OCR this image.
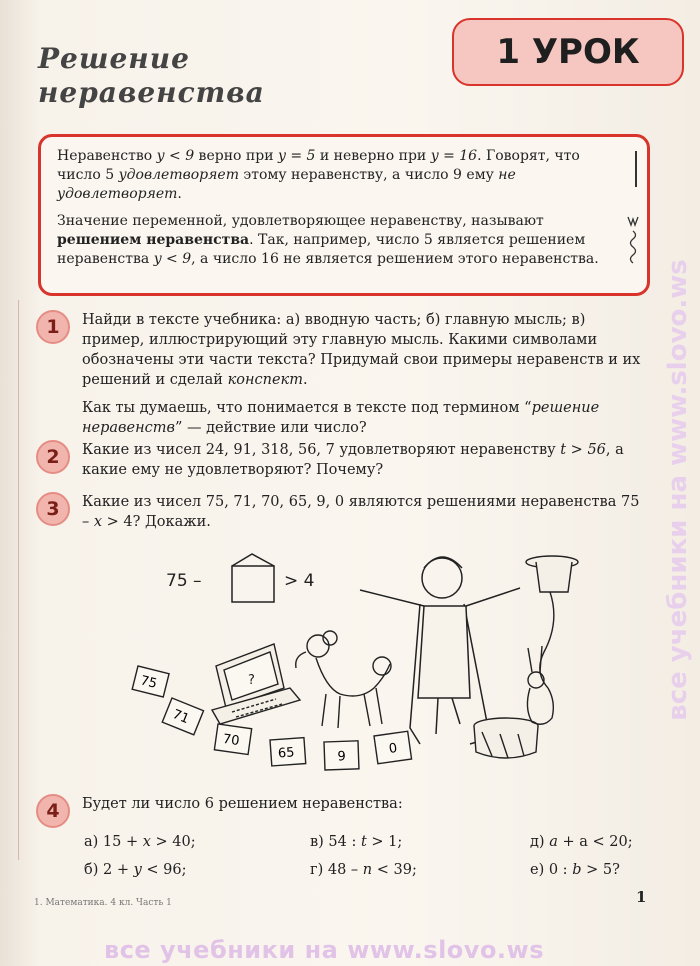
Решение
неравенства
1 УРОК

Неравенство y < 9 верно при y = 5 и неверно при y = 16. Говорят, что число 5 удовлетворяет этому неравенству, а число 9 ему не удовлетворяет.

Значение переменной, удовлетворяющее неравенству, называют решением неравенства. Так, например, число 5 является решением неравенства y < 9, а число 16 не является решением этого неравенства.

1	Найди в тексте учебника: а) вводную часть; б) главную мысль; в) пример, иллюстрирующий эту главную мысль. Какими символами обозначены эти части текста? Придумай свои примеры неравенств и их решений и сделай конспект.

Как ты думаешь, что понимается в тексте под термином “решение неравенств” — действие или число?

2	Какие из чисел 24, 91, 318, 56, 7 удовлетворяют неравенству t > 56, а какие ему не удовлетворяют? Почему?

3	Какие из чисел 75, 71, 70, 65, 9, 0 являются решениями неравенства 75 – x > 4? Докажи.

75 –	> 4
?
75
71
70
65	9	0
4	Будет ли число 6 решением неравенства:

а) 15 + x > 40;	в) 54 : t > 1;	д) a + a < 20;
б) 2 + y < 96;	г) 48 – n < 39;	е) 0 : b > 5?
1. Математика. 4 кл. Часть 1	1
все учебники на www.slovo.ws
все учебники на www.slovo.ws
